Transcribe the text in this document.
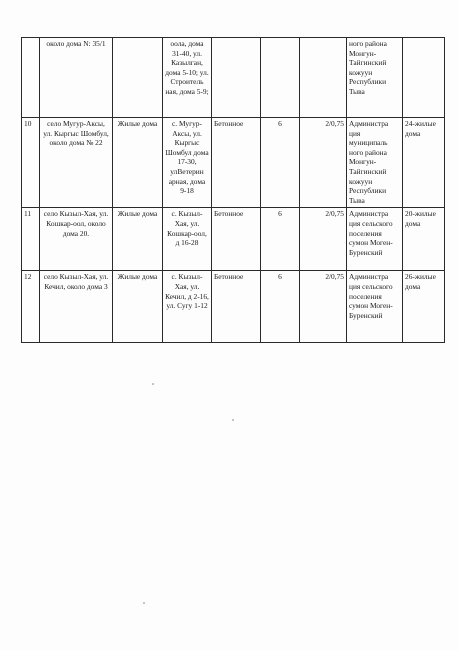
	около дома N: 35/1		оола, дома 31-40, ул. Казылган, дома 5-10; ул. Строитель ная, дома 5-9;				ного района Монгун-Тайгинский кожуун Республики Тыва	
10	село Мугур-Аксы, ул. Кыргыс Шомбул, около дома № 22	Жилые дома	с. Мугур-Аксы, ул. Кыргыс Шомбул дома 17-30, улВетерин арная, дома 9-18	Бетонное	6	2/0,75	Администра ция муниципаль ного района Монгун-Тайгинский кожуун Республики Тыва	24-жилые дома
11	село Кызыл-Хая, ул. Кошкар-оол, около дома 20.	Жилые дома	с. Кызыл-Хая, ул. Кошкар-оол, д 16-28	Бетонное	6	2/0,75	Администра ция сельского поселения сумон Моген-Буренский	20-жилые дома
12	село Кызыл-Хая, ул. Кечил, около дома 3	Жилые дома	с. Кызыл-Хая, ул. Кечил, д 2-16, ул. Сугу 1-12	Бетонное	6	2/0,75	Администра ция сельского поселения сумон Моген-Буренский	26-жилые дома
